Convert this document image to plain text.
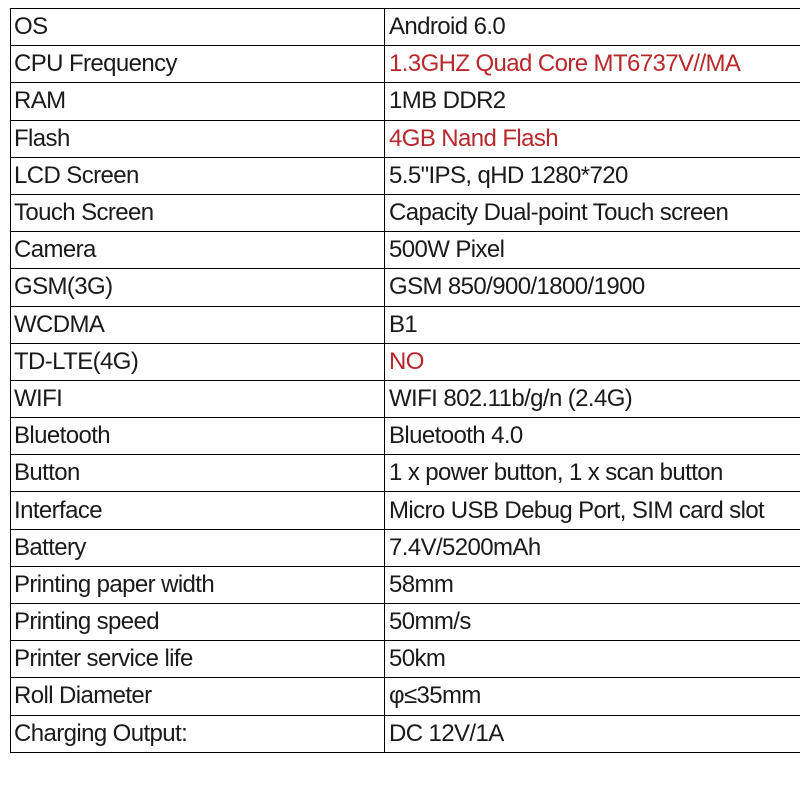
OS	Android 6.0
CPU Frequency	1.3GHZ Quad Core MT6737V//MA
RAM	1MB DDR2
Flash	4GB Nand Flash
LCD Screen	5.5"IPS, qHD 1280*720
Touch Screen	Capacity Dual-point Touch screen
Camera	500W Pixel
GSM(3G)	GSM 850/900/1800/1900
WCDMA	B1
TD-LTE(4G)	NO
WIFI	WIFI 802.11b/g/n (2.4G)
Bluetooth	Bluetooth 4.0
Button	1 x power button, 1 x scan button
Interface	Micro USB Debug Port, SIM card slot
Battery	7.4V/5200mAh
Printing paper width	58mm
Printing speed	50mm/s
Printer service life	50km
Roll Diameter	φ≤35mm
Charging Output:	DC 12V/1A
